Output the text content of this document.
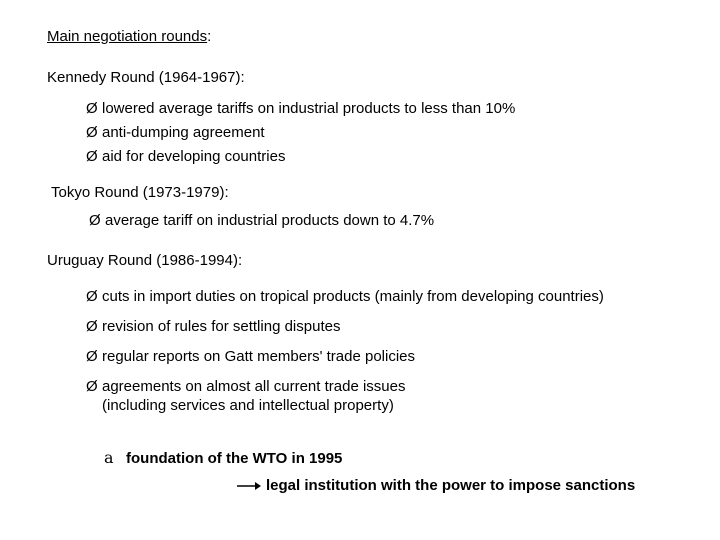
Main negotiation rounds:
Kennedy Round (1964-1967):
Ø lowered average tariffs on industrial products to less than 10%
Ø anti-dumping agreement
Ø aid for developing countries
Tokyo Round (1973-1979):
Ø average tariff on industrial products down to 4.7%
Uruguay Round (1986-1994):
Ø cuts in import duties on tropical products (mainly from developing countries)
Ø revision of rules for settling disputes
Ø regular reports on Gatt members' trade policies
Ø agreements on almost all current trade issues
(including services and intellectual property)
a foundation of the WTO in 1995
legal institution with the power to impose sanctions
